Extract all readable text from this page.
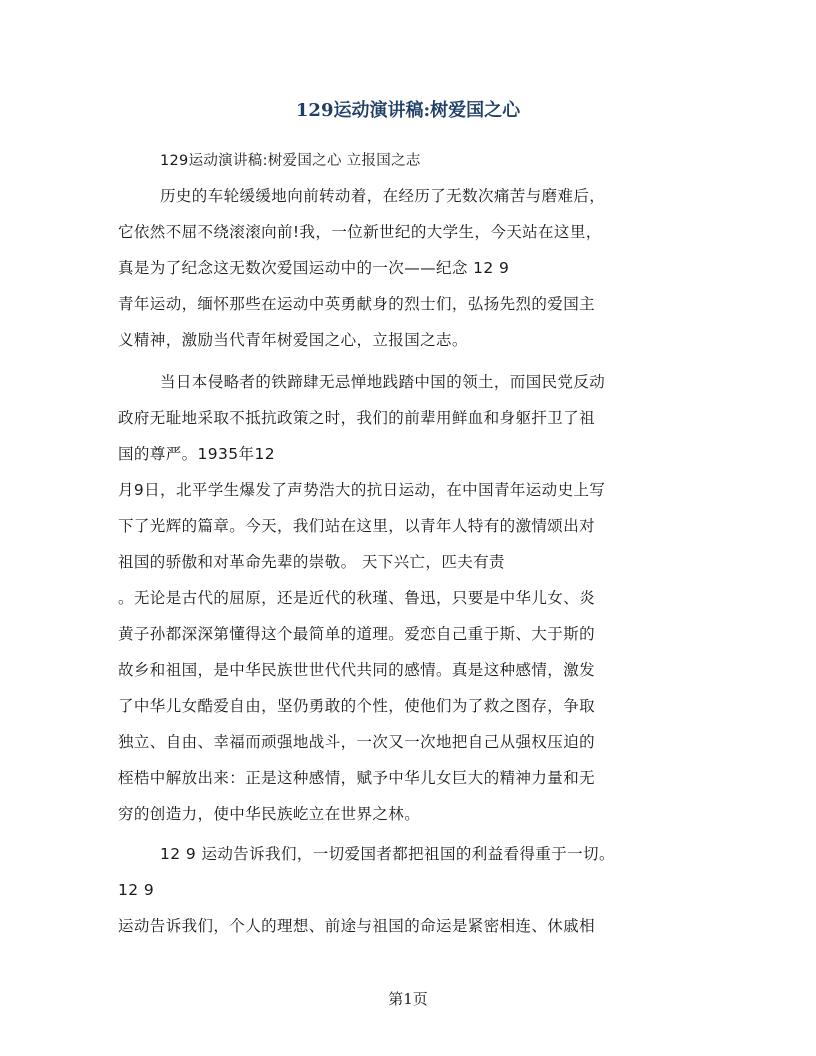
129运动演讲稿:树爱国之心
129运动演讲稿:树爱国之心 立报国之志
历史的车轮缓缓地向前转动着，在经历了无数次痛苦与磨难后，
它依然不屈不绕滚滚向前!我，一位新世纪的大学生，今天站在这里，
真是为了纪念这无数次爱国运动中的一次——纪念 12 9
青年运动，缅怀那些在运动中英勇献身的烈士们，弘扬先烈的爱国主
义精神，激励当代青年树爱国之心，立报国之志。
当日本侵略者的铁蹄肆无忌惮地践踏中国的领土，而国民党反动
政府无耻地采取不抵抗政策之时，我们的前辈用鲜血和身躯扞卫了祖
国的尊严。1935年12
月9日，北平学生爆发了声势浩大的抗日运动，在中国青年运动史上写
下了光辉的篇章。今天，我们站在这里，以青年人特有的激情颂出对
祖国的骄傲和对革命先辈的崇敬。 天下兴亡，匹夫有责
。无论是古代的屈原，还是近代的秋瑾、鲁迅，只要是中华儿女、炎
黄子孙都深深第懂得这个最简单的道理。爱恋自己重于斯、大于斯的
故乡和祖国，是中华民族世世代代共同的感情。真是这种感情，激发
了中华儿女酷爱自由，坚仍勇敢的个性，使他们为了救之图存，争取
独立、自由、幸福而顽强地战斗，一次又一次地把自己从强权压迫的
桎梏中解放出来：正是这种感情，赋予中华儿女巨大的精神力量和无
穷的创造力，使中华民族屹立在世界之林。
12 9 运动告诉我们，一切爱国者都把祖国的利益看得重于一切。
12 9
运动告诉我们，个人的理想、前途与祖国的命运是紧密相连、休戚相
第1页
